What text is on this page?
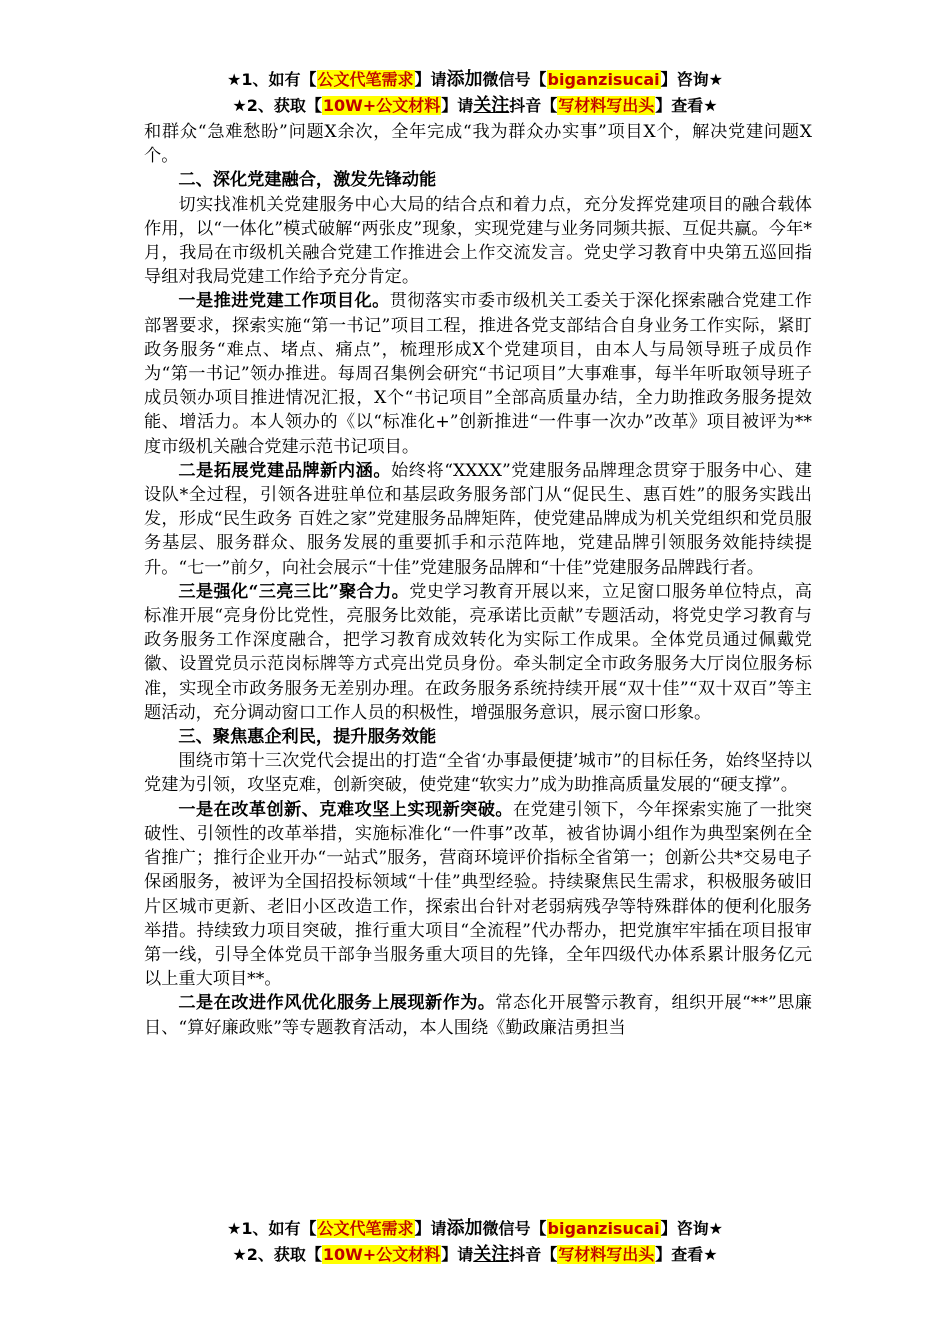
★1、如有【公文代笔需求】请添加微信号【biganzisucai】咨询★
★2、获取【10W+公文材料】请关注抖音【写材料写出头】查看★

和群众“急难愁盼”问题X余次，全年完成“我为群众办实事”项目X个，解决党建问题X个。

二、深化党建融合，激发先锋动能

切实找准机关党建服务中心大局的结合点和着力点，充分发挥党建项目的融合载体作用，以“一体化”模式破解“两张皮”现象，实现党建与业务同频共振、互促共赢。今年*月，我局在市级机关融合党建工作推进会上作交流发言。党史学习教育中央第五巡回指导组对我局党建工作给予充分肯定。

一是推进党建工作项目化。贯彻落实市委市级机关工委关于深化探索融合党建工作部署要求，探索实施“第一书记”项目工程，推进各党支部结合自身业务工作实际，紧盯政务服务“难点、堵点、痛点”，梳理形成X个党建项目，由本人与局领导班子成员作为“第一书记”领办推进。每周召集例会研究“书记项目”大事难事，每半年听取领导班子成员领办项目推进情况汇报，X个“书记项目”全部高质量办结，全力助推政务服务提效能、增活力。本人领办的《以“标准化+”创新推进“一件事一次办”改革》项目被评为**度市级机关融合党建示范书记项目。

二是拓展党建品牌新内涵。始终将“XXXX”党建服务品牌理念贯穿于服务中心、建设队*全过程，引领各进驻单位和基层政务服务部门从“促民生、惠百姓”的服务实践出发，形成“民生政务 百姓之家”党建服务品牌矩阵，使党建品牌成为机关党组织和党员服务基层、服务群众、服务发展的重要抓手和示范阵地，党建品牌引领服务效能持续提升。“七一”前夕，向社会展示“十佳”党建服务品牌和“十佳”党建服务品牌践行者。

三是强化“三亮三比”聚合力。党史学习教育开展以来，立足窗口服务单位特点，高标准开展“亮身份比党性，亮服务比效能，亮承诺比贡献”专题活动，将党史学习教育与政务服务工作深度融合，把学习教育成效转化为实际工作成果。全体党员通过佩戴党徽、设置党员示范岗标牌等方式亮出党员身份。牵头制定全市政务服务大厅岗位服务标准，实现全市政务服务无差别办理。在政务服务系统持续开展“双十佳”“双十双百”等主题活动，充分调动窗口工作人员的积极性，增强服务意识，展示窗口形象。

三、聚焦惠企利民，提升服务效能

围绕市第十三次党代会提出的打造“全省‘办事最便捷’城市”的目标任务，始终坚持以党建为引领，攻坚克难，创新突破，使党建“软实力”成为助推高质量发展的“硬支撑”。

一是在改革创新、克难攻坚上实现新突破。在党建引领下，今年探索实施了一批突破性、引领性的改革举措，实施标准化“一件事”改革，被省协调小组作为典型案例在全省推广；推行企业开办“一站式”服务，营商环境评价指标全省第一；创新公共*交易电子保函服务，被评为全国招投标领域“十佳”典型经验。持续聚焦民生需求，积极服务破旧片区城市更新、老旧小区改造工作，探索出台针对老弱病残孕等特殊群体的便利化服务举措。持续致力项目突破，推行重大项目“全流程”代办帮办，把党旗牢牢插在项目报审第一线，引导全体党员干部争当服务重大项目的先锋，全年四级代办体系累计服务亿元以上重大项目**。

二是在改进作风优化服务上展现新作为。常态化开展警示教育，组织开展“**”思廉日、“算好廉政账”等专题教育活动，本人围绕《勤政廉洁勇担当

★1、如有【公文代笔需求】请添加微信号【biganzisucai】咨询★
★2、获取【10W+公文材料】请关注抖音【写材料写出头】查看★
